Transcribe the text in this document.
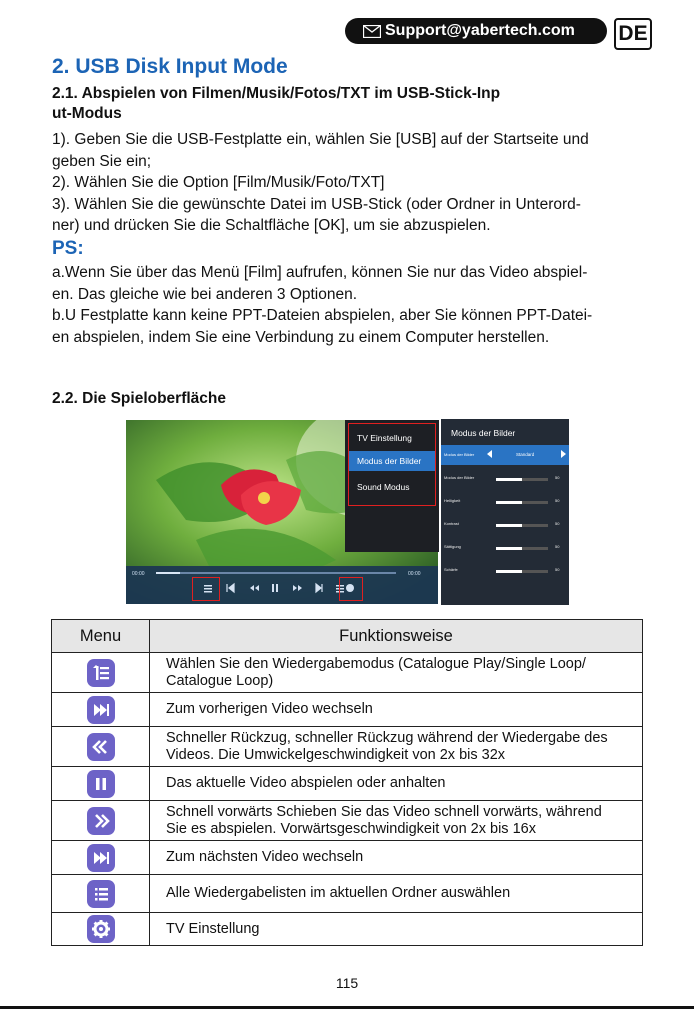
Support@yabertech.com DE
2. USB Disk Input Mode
2.1. Abspielen von Filmen/Musik/Fotos/TXT im USB-Stick-Inp
ut-Modus
1). Geben Sie die USB-Festplatte ein, wählen Sie [USB] auf der Startseite und
geben Sie ein;
2). Wählen Sie die Option [Film/Musik/Foto/TXT]
3). Wählen Sie die gewünschte Datei im USB-Stick (oder Ordner in Unterord-
ner) und drücken Sie die Schaltfläche [OK], um sie abzuspielen.
PS:
a.Wenn Sie über das Menü [Film] aufrufen, können Sie nur das Video abspiel-
en. Das gleiche wie bei anderen 3 Optionen.
b.U Festplatte kann keine PPT-Dateien abspielen, aber Sie können PPT-Datei-
en abspielen, indem Sie eine Verbindung zu einem Computer herstellen.
2.2. Die Spieloberfläche
00:00	00:00
TV Einstellung
Modus der Bilder
Sound Modus
Modus der Bilder
Modus der Bilder	Standard
Modus der Bilder	50
Helligkeit	50
Kontrast	50
Sättigung	50
Schärfe	50
Menu	Funktionsweise

Wählen Sie den Wiedergabemodus (Catalogue Play/Single Loop/
Catalogue Loop)

Zum vorherigen Video wechseln

Schneller Rückzug, schneller Rückzug während der Wiedergabe des
Videos. Die Umwickelgeschwindigkeit von 2x bis 32x

Das aktuelle Video abspielen oder anhalten

Schnell vorwärts Schieben Sie das Video schnell vorwärts, während
Sie es abspielen. Vorwärtsgeschwindigkeit von 2x bis 16x

Zum nächsten Video wechseln

Alle Wiedergabelisten im aktuellen Ordner auswählen

TV Einstellung
115
